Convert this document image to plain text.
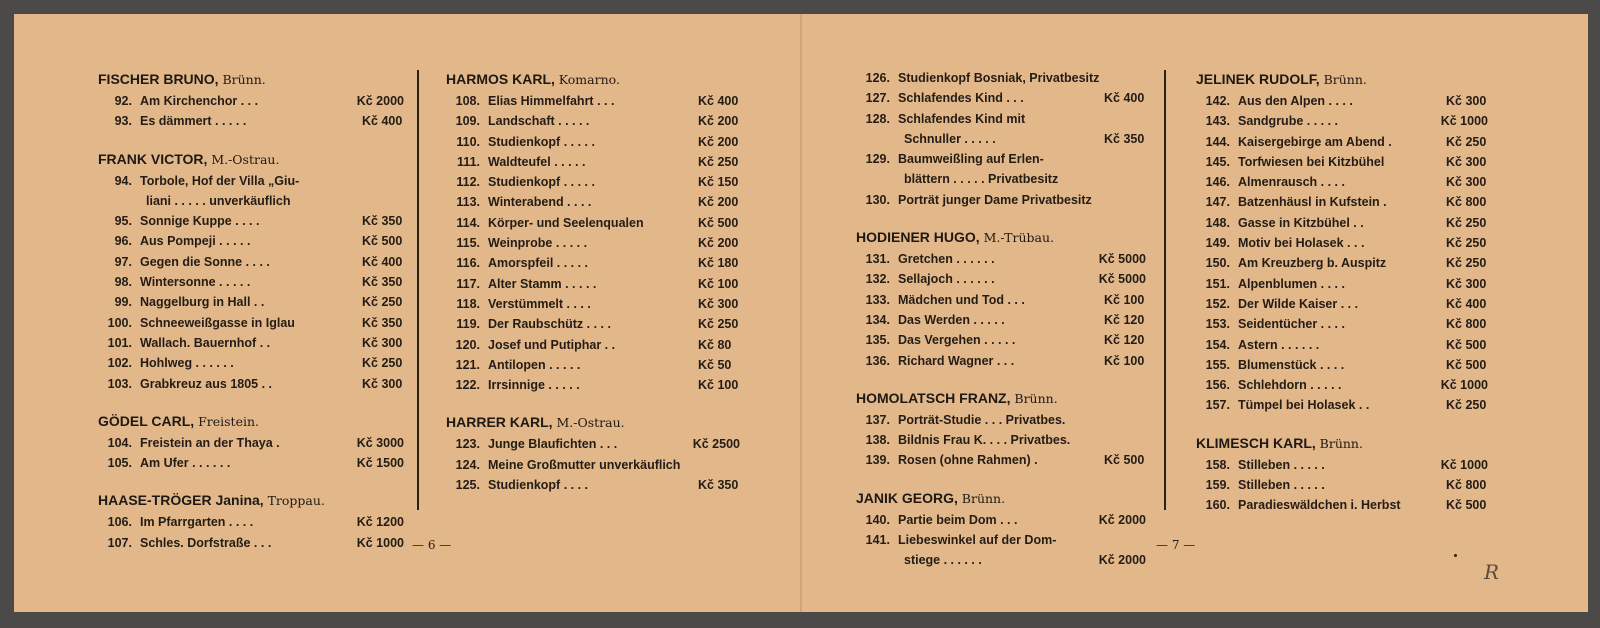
FISCHER BRUNO, Brünn.
92. Am Kirchenchor . . .	Kč 2000
93. Es dämmert . . . . .	Kč 400
FRANK VICTOR, M.-Ostrau.
94. Torbole, Hof der Villa „Giu-
liani . . . . . unverkäuflich
95. Sonnige Kuppe . . . .	Kč 350
96. Aus Pompeji . . . . .	Kč 500
97. Gegen die Sonne . . . .	Kč 400
98. Wintersonne . . . . .	Kč 350
99. Naggelburg in Hall . .	Kč 250
100. Schneeweißgasse in Iglau	Kč 350
101. Wallach. Bauernhof . .	Kč 300
102. Hohlweg . . . . . .	Kč 250
103. Grabkreuz aus 1805 . .	Kč 300
GÖDEL CARL, Freistein.
104. Freistein an der Thaya .	Kč 3000
105. Am Ufer . . . . . .	Kč 1500
HAASE-TRÖGER Janina, Troppau.
106. Im Pfarrgarten . . . .	Kč 1200
107. Schles. Dorfstraße . . .	Kč 1000
HARMOS KARL, Komarno.
108. Elias Himmelfahrt . . .	Kč 400
109. Landschaft . . . . .	Kč 200
110. Studienkopf . . . . .	Kč 200
111. Waldteufel . . . . .	Kč 250
112. Studienkopf . . . . .	Kč 150
113. Winterabend . . . .	Kč 200
114. Körper- und Seelenqualen	Kč 500
115. Weinprobe . . . . .	Kč 200
116. Amorspfeil . . . . .	Kč 180
117. Alter Stamm . . . . .	Kč 100
118. Verstümmelt . . . .	Kč 300
119. Der Raubschütz . . . .	Kč 250
120. Josef und Putiphar . .	Kč 80
121. Antilopen . . . . .	Kč 50
122. Irrsinnige . . . . .	Kč 100
HARRER KARL, M.-Ostrau.
123. Junge Blaufichten . . .	Kč 2500
124. Meine Großmutter unverkäuflich
125. Studienkopf . . . .	Kč 350
126. Studienkopf Bosniak, Privatbesitz
127. Schlafendes Kind . . .	Kč 400
128. Schlafendes Kind mit
Schnuller . . . . .	Kč 350
129. Baumweißling auf Erlen-
blättern . . . . . Privatbesitz
130. Porträt junger Dame Privatbesitz
HODIENER HUGO, M.-Trübau.
131. Gretchen . . . . . .	Kč 5000
132. Sellajoch . . . . . .	Kč 5000
133. Mädchen und Tod . . .	Kč 100
134. Das Werden . . . . .	Kč 120
135. Das Vergehen . . . . .	Kč 120
136. Richard Wagner . . .	Kč 100
HOMOLATSCH FRANZ, Brünn.
137. Porträt-Studie . . . Privatbes.
138. Bildnis Frau K. . . . Privatbes.
139. Rosen (ohne Rahmen) .	Kč 500
JANIK GEORG, Brünn.
140. Partie beim Dom . . .	Kč 2000
141. Liebeswinkel auf der Dom-
stiege . . . . . .	Kč 2000
JELINEK RUDOLF, Brünn.
142. Aus den Alpen . . . .	Kč 300
143. Sandgrube . . . . .	Kč 1000
144. Kaisergebirge am Abend .	Kč 250
145. Torfwiesen bei Kitzbühel	Kč 300
146. Almenrausch . . . .	Kč 300
147. Batzenhäusl in Kufstein .	Kč 800
148. Gasse in Kitzbühel . .	Kč 250
149. Motiv bei Holasek . . .	Kč 250
150. Am Kreuzberg b. Auspitz	Kč 250
151. Alpenblumen . . . .	Kč 300
152. Der Wilde Kaiser . . .	Kč 400
153. Seidentücher . . . .	Kč 800
154. Astern . . . . . .	Kč 500
155. Blumenstück . . . .	Kč 500
156. Schlehdorn . . . . .	Kč 1000
157. Tümpel bei Holasek . .	Kč 250
KLIMESCH KARL, Brünn.
158. Stilleben . . . . .	Kč 1000
159. Stilleben . . . . .	Kč 800
160. Paradieswäldchen i. Herbst	Kč 500
— 6 —	— 7 —
R
